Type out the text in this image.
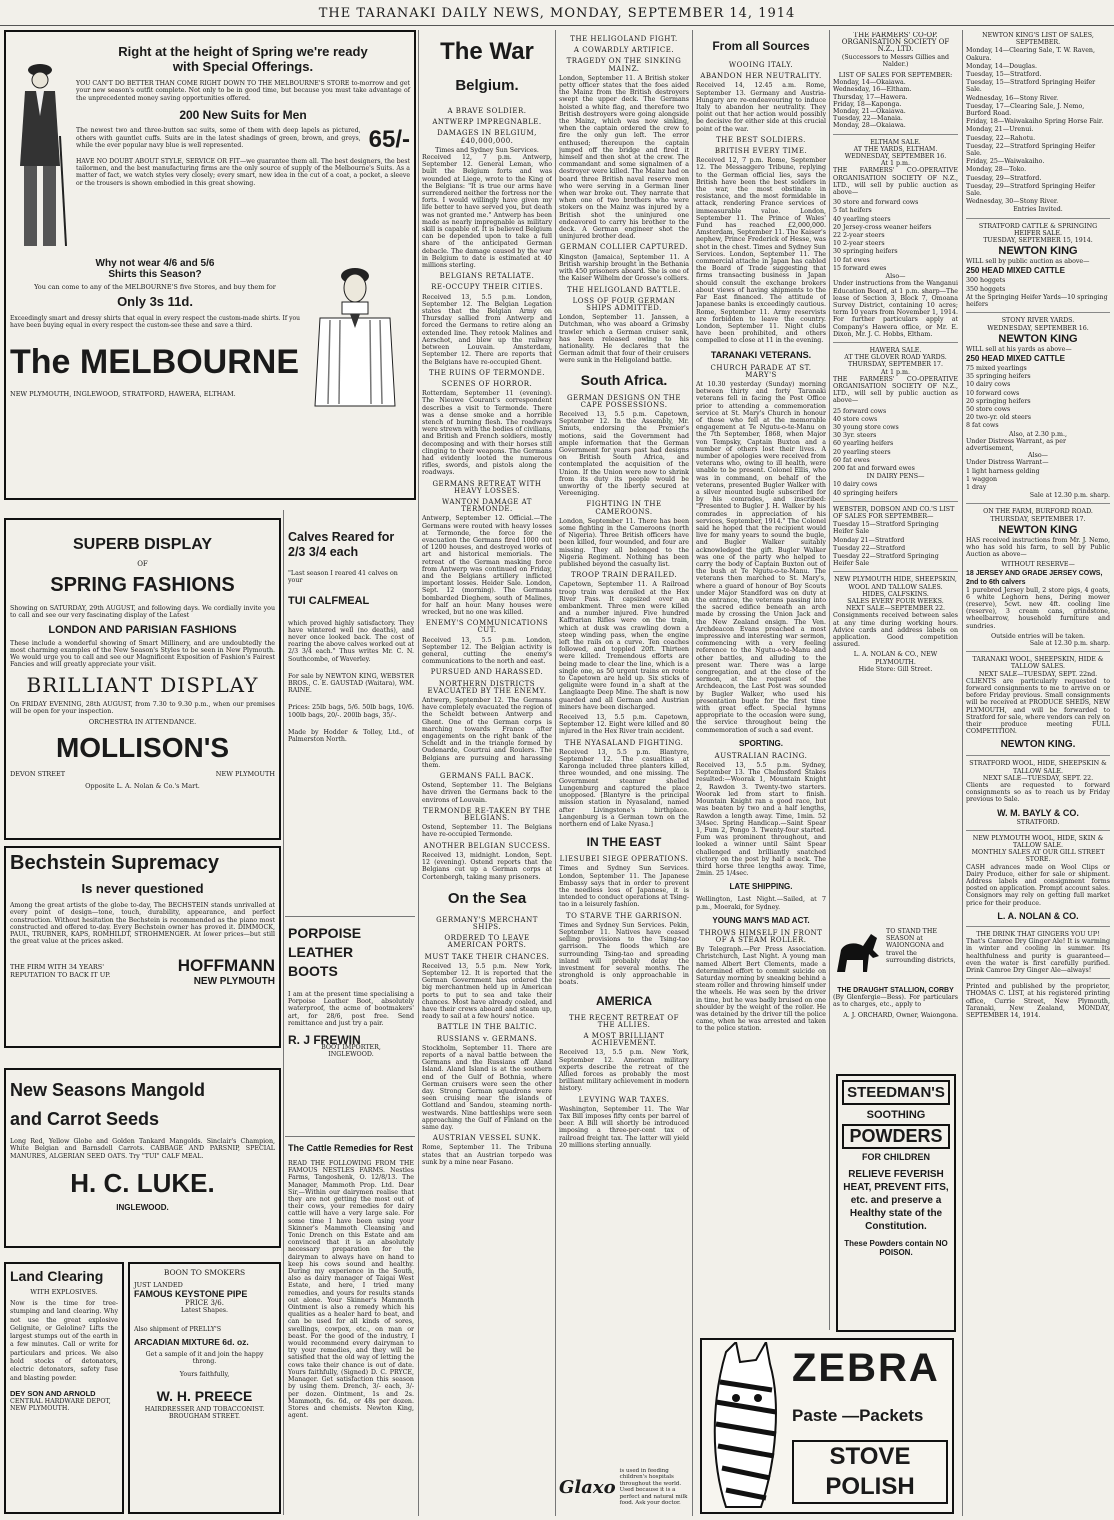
THE TARANAKI DAILY NEWS, MONDAY, SEPTEMBER 14, 1914
Right at the height of Spring we're ready
with Special Offerings.
YOU CAN'T DO BETTER THAN COME RIGHT DOWN TO THE MELBOURNE'S STORE to-morrow and get your new season's outfit complete. Not only to be in good time, but because you must take advantage of the unprecedented money saving opportunities offered.
200 New Suits for Men
The newest two and three-button sac suits, some of them with deep lapels as pictured, others with gauntlet cuffs. Suits are in the latest shadings of green, brown, and greys, while the ever popular navy blue is well represented.	65/-
HAVE NO DOUBT ABOUT STYLE, SERVICE OR FIT—we guarantee them all. The best designers, the best tailormen, and the best manufacturing firms are the only source of supply of the Melbourne's Suits. As a matter of fact, we watch styles very closely; every smart, new idea in the cut of a coat, a pocket, a sleeve or the trousers is shown embodied in this great showing.
Why not wear 4/6 and 5/6
Shirts this Season?
You can come to any of the MELBOURNE'S five Stores, and buy them for
Only 3s 11d.
Exceedingly smart and dressy shirts that equal in every respect the custom-made shirts. If you have been buying equal in every respect the custom-see these and save a third.
The MELBOURNE
NEW PLYMOUTH, INGLEWOOD, STRATFORD, HAWERA, ELTHAM.
SUPERB DISPLAY
OF
SPRING FASHIONS
Showing on SATURDAY, 29th AUGUST, and following days. We cordially invite you to call and see our very fascinating display of the Latest
LONDON AND PARISIAN FASHIONS
These include a wonderful showing of Smart Millinery, and are undoubtedly the most charming examples of the New Season's Styles to be seen in New Plymouth. We would urge you to call and see our Magnificent Exposition of Fashion's Fairest Fancies and will greatly appreciate your visit.
BRILLIANT DISPLAY
On FRIDAY EVENING, 28th AUGUST, from 7.30 to 9.30 p.m., when our premises will be open for your inspection.
ORCHESTRA IN ATTENDANCE.
MOLLISON'S
DEVON STREET	NEW PLYMOUTH
Opposite L. A. Nolan & Co.'s Mart.
Bechstein Supremacy
Is never questioned
Among the great artists of the globe to-day, The BECHSTEIN stands unrivalled at every point of design—tone, touch, durability, appearance, and perfect construction. Without hesitation the Bechstein is recommended as the piano most constructed and offered to-day. Every Bechstein owner has proved it. DIMMOCK, PAUL, TRUBNER, KAPS, ROMHILDT, STROHMENGER. At lower prices—but still the great value at the prices asked.
THE FIRM WITH 34 YEARS' REPUTATION TO BACK IT UP.
HOFFMANN
NEW PLYMOUTH
New Seasons Mangold
and Carrot Seeds
Long Red, Yellow Globe and Golden Tankard Mangolds. Sinclair's Champion, White Belgian and Barnsdell Carrots. CABBAGE AND PARSNIP, SPECIAL MANURES, ALGERIAN SEED OATS. Try "TUI" CALF MEAL.
H. C. LUKE.
INGLEWOOD.
Land Clearing
WITH EXPLOSIVES.
Now is the time for tree-stumping and land clearing. Why not use the great explosive Gelignite, or Geloline? Lifts the largest stumps out of the earth in a few minutes. Call or write for particulars and prices. We also hold stocks of detonators, electric detonators, safety fuse and blasting powder.
DEY SON AND ARNOLD
CENTRAL HARDWARE DEPOT, NEW PLYMOUTH.
BOON TO SMOKERS
JUST LANDED
FAMOUS KEYSTONE PIPE
PRICE 3/6.
Latest Shapes.
Also shipment of PRELLY'S
ARCADIAN MIXTURE 6d. oz.
Get a sample of it and join the happy throng.
Yours faithfully,
W. H. PREECE
HAIRDRESSER AND TOBACCONIST.
BROUGHAM STREET.
Calves Reared for 2/3 3/4 each
"Last season I reared 41 calves on your
TUI CALFMEAL
which proved highly satisfactory. They have wintered well (no deaths), and never once looked back. The cost of rearing the above calves worked out at 2/3 3/4 each." Thus writes Mr. C. N. Southcombe, of Waverley.
For sale by NEWTON KING, WEBSTER BROS., C. E. GAUSTAD (Waitara), WM. RAINE.
Prices: 25lb bags, 5/6. 50lb bags, 10/6. 100lb bags, 20/-. 200lb bags, 35/-.
Made by Hodder & Tolley, Ltd., of Palmerston North.
PORPOISE
LEATHER
BOOTS
I am at the present time specialising a Porpoise Leather Boot, absolutely waterproof, the acme of bootmakers' art, for 28/6, post free. Send remittance and just try a pair.
R. J FREWIN
BOOT IMPORTER,
INGLEWOOD.
The Cattle Remedies for Rest
READ THE FOLLOWING FROM THE FAMOUS NESTLES FARMS. Nestles Farms, Tangoshenk, O. 12/8/13. The Manager, Mammoth Prop. Ltd. Dear Sir,—Within our dairymen realise that they are not getting the most out of their cows, your remedies for dairy cattle will have a very large sale. For some time I have been using your Skinner's Mammoth Cleansing and Tonic Drench on this Estate and am convinced that it is an absolutely necessary preparation for the dairyman to always have on hand to keep his cows sound and healthy. During my experience in the South, also as dairy manager of Taigai West Estate, and here, I tried many remedies, and yours for results stands out alone. Your Skinner's Mammoth Ointment is also a remedy which his qualities as a healer hard to beat, and can be used for all kinds of sores, swellings, cowpox, etc., on man or beast. For the good of the industry, I would recommend every dairyman to try your remedies, and they will be satisfied that the old way of letting the cows take their chance is out of date. Yours faithfully, (Signed) D. C. PRYCE, Manager. Get satisfaction this season by using them. Drench, 3/- each, 3/- per dozen. Ointment, 1s and 2s. Mammoth, 6s. 6d., or 48s per dozen. Stores and chemists. Newton King, agent.
The War
Belgium.
A BRAVE SOLDIER.
ANTWERP IMPREGNABLE.
DAMAGES IN BELGIUM, £40,000,000.
Times and Sydney Sun Services.
Received 12, 7 p.m. Antwerp, September 12. General Leman, who built the Belgium forts and was wounded at Liege, wrote to the King of the Belgians: "It is true our arms have surrendered neither the fortress nor the forts. I would willingly have given my life better to have served you, but death was not granted me." Antwerp has been made as nearly impregnable as military skill is capable of. It is believed Belgium can be depended upon to take a full share of the anticipated German debacle. The damage caused by the war in Belgium to date is estimated at 40 millions sterling.
BELGIANS RETALIATE.
RE-OCCUPY THEIR CITIES.
Received 13, 5.5 p.m. London, September 12. The Belgian Legation states that the Belgian Army on Thursday sallied from Antwerp and forced the Germans to retire along an extended line. They retook Malines and Aerschot, and blew up the railway between Louvain. Amsterdam, September 12. There are reports that the Belgians have re-occupied Ghent.
THE RUINS OF TERMONDE.
SCENES OF HORROR.
Rotterdam, September 11 (evening). The Nieuwe Courant's correspondent describes a visit to Termonde. There was a dense smoke and a horrible stench of burning flesh. The roadways were strewn with the bodies of civilians, and British and French soldiers, mostly decomposing and with their horses still clinging to their weapons. The Germans had evidently looted the numerous rifles, swords, and pistols along the roadways.
GERMANS RETREAT WITH HEAVY LOSSES.
WANTON DAMAGE AT TERMONDE.
Antwerp, September 12. Official.—The Germans were routed with heavy losses at Termonde, the force for the evacuation the Germans fired 1000 out of 1200 houses, and destroyed works of art and historical memorials. The retreat of the German masking force from Antwerp was continued on Friday, and the Belgians artillery inflicted important losses. Heider Sale. London, Sept. 12 (morning). The Germans bombarded Dieghem, south of Malines, for half an hour. Many houses were wrecked, but no one was killed.
ENEMY'S COMMUNICATIONS CUT.
Received 13, 5.5 p.m. London, September 12. The Belgian activity is general, cutting the enemy's communications to the north and east.
PURSUED AND HARASSED.
NORTHERN DISTRICTS EVACUATED BY THE ENEMY.
Antwerp, September 12. The Germans have completely evacuated the region of the Scheldt between Antwerp and Ghent. One of the German corps is marching towards France after engagements on the right bank of the Scheldt and in the triangle formed by Oudenarde, Courtrai and Roulers. The Belgians are pursuing and harassing them.
GERMANS FALL BACK.
Ostend, September 11. The Belgians have driven the Germans back to the environs of Louvain.
TERMONDE RE-TAKEN BY THE BELGIANS.
Ostend, September 11. The Belgians have re-occupied Termonde.
ANOTHER BELGIAN SUCCESS.
Received 13, midnight. London, Sept. 12 (evening). Ostend reports that the Belgians cut up a German corps at Cortenbergh, taking many prisoners.
On the Sea
GERMANY'S MERCHANT SHIPS.
ORDERED TO LEAVE AMERICAN PORTS.
MUST TAKE THEIR CHANCES.
Received 13, 5.5 p.m. New York, September 12. It is reported that the German Government has ordered the big merchantmen held up in American ports to put to sea and take their chances. Most have already coaled, and have their crews aboard and steam up, ready to sail at a few hours' notice.
BATTLE IN THE BALTIC.
RUSSIANS v. GERMANS.
Stockholm, September 11. There are reports of a naval battle between the Germans and the Russians off Aland Island. Aland Island is at the southern end of the Gulf of Bothnia, where German cruisers were seen the other day. Strong German squadrons were seen cruising near the islands of Gottland and Sandou, steaming north-westwards. Nine battleships were seen approaching the Gulf of Finland on the same day.
AUSTRIAN VESSEL SUNK.
Rome, September 11. The Tribuna states that an Austrian torpedo was sunk by a mine near Fasano.
THE HELIGOLAND FIGHT.
A COWARDLY ARTIFICE.
TRAGEDY ON THE SINKING MAINZ.
London, September 11. A British stoker petty officer states that the foes aided the Mainz from the British destroyers swept the upper deck. The Germans hoisted a white flag, and therefore two British destroyers were going alongside the Mainz, which was now sinking, when the captain ordered the crew to fire the only gun left. The error enthused; thereupon the captain jumped off the bridge and fired it himself and then shot at the crew. The commandant and some signalmen of a destroyer were killed. The Mainz had on board three British naval reserve men who were serving in a German liner when war broke out. They narrate that when one of two brothers who were stokers on the Mainz was injured by a British shot the uninjured one endeavored to carry his brother to the deck. A German engineer shot the uninjured brother dead.
GERMAN COLLIER CAPTURED.
Kingston (Jamaica), September 11. A British warship brought in the Bethania with 450 prisoners aboard. She is one of the Kaiser Wilhelm der Grosse's colliers.
THE HELIGOLAND BATTLE.
LOSS OF FOUR GERMAN SHIPS ADMITTED.
London, September 11. Janssen, a Dutchman, who was aboard a Grimsby trawler which a German cruiser sank, has been released owing to his nationality. He declares that the German admit that four of their cruisers were sunk in the Heligoland battle.
South Africa.
GERMAN DESIGNS ON THE CAPE POSSESSIONS.
Received 13, 5.5 p.m. Capetown, September 12. In the Assembly, Mr. Smuts, endorsing the Premier's motions, said the Government had ample information that the German Government for years past had designs on British South Africa, and contemplated the acquisition of the Union. If the Union were now to shrink from its duty its people would be unworthy of the liberty secured at Vereeniging.
FIGHTING IN THE CAMEROONS.
London, September 11. There has been some fighting in the Cameroons (north of Nigeria). Three British officers have been killed, four wounded, and four are missing. They all belonged to the Nigeria Regiment. Nothing has been published beyond the casualty list.
TROOP TRAIN DERAILED.
Capetown, September 11. A Railroad troop train was derailed at the Hex River Pass. It capsized over an embankment. Three men were killed and a number injured. Five hundred Kaffrarian Rifles were on the train, which at dusk was crawling down a steep winding pass, when the engine left the rails on a curve. Ten coaches followed, and toppled 20ft. Thirteen were killed. Tremendous efforts are being made to clear the line, which is a single one, as 50 urgent trains en route to Capetown are held up. Six sticks of gelignite were found in a shaft at the Langlaagte Deep Mine. The shaft is now guarded and all German and Austrian miners have been discharged.
Received 13, 5.5 p.m. Capetown, September 12. Eight were killed and 80 injured in the Hex River train accident.
THE NYASALAND FIGHTING.
Received 13, 5.5 p.m. Blantyre, September 12. The casualties at Karonga included three planters killed, three wounded, and one missing. The Government steamer shelled Lungenburg and captured the place unopposed. [Blantyre is the principal mission station in Nyasaland, named after Livingstone's birthplace. Langenburg is a German town on the northern end of Lake Nyasa.]
IN THE EAST
LIESUBEI SIEGE OPERATIONS.
Times and Sydney Sun Services. London, September 11. The Japanese Embassy says that in order to prevent the needless loss of Japanese, it is intended to conduct operations at Tsing-tao in a leisurely fashion.
TO STARVE THE GARRISON.
Times and Sydney Sun Services. Pekin, September 11. Natives have ceased selling provisions to the Tsing-tao garrison. The floods which are surrounding Tsing-tao and spreading inland will probably delay the investment for several months. The stronghold is only approachable in boats.
AMERICA
THE RECENT RETREAT OF THE ALLIES.
A MOST BRILLIANT ACHIEVEMENT.
Received 13, 5.5 p.m. New York, September 12. American military experts describe the retreat of the Allied forces as probably the most brilliant military achievement in modern history.
LEVYING WAR TAXES.
Washington, September 11. The War Tax Bill imposes fifty cents per barrel of beer. A Bill will shortly be introduced imposing a three-per-cent tax of railroad freight tax. The latter will yield 20 millions sterling annually.
Glaxo
is used in feeding children's hospitals throughout the world. Used because it is a perfect and natural milk food. Ask your doctor.
From all Sources
WOOING ITALY.
ABANDON HER NEUTRALITY.
Received 14, 12.45 a.m. Rome, September 13. Germany and Austria-Hungary are re-endeavouring to induce Italy to abandon her neutrality. They point out that her action would possibly be decisive for either side at this crucial point of the war.
THE BEST SOLDIERS.
BRITISH EVERY TIME.
Received 12, 7 p.m. Rome, September 12. The Messaggero Tribune, replying to the German official lies, says the British have been the best soldiers in the war, the most obstinate in resistance, and the most formidable in attack, rendering France services of immeasurable value. London, September 11. The Prince of Wales' Fund has reached £2,000,000. Amsterdam, September 11. The Kaiser's nephew, Prince Frederick of Hesse, was shot in the chest. Times and Sydney Sun Services. London, September 11. The commercial attache in Japan has cabled the Board of Trade suggesting that firms transacting business in Japan should consult the exchange brokers about views of having shipments to the Far East financed. The attitude of Japanese banks is exceedingly cautious. Rome, September 11. Army reservists are forbidden to leave the country. London, September 11. Night clubs have been prohibited, and others compelled to close at 11 in the evening.
TARANAKI VETERANS.
CHURCH PARADE AT ST. MARY'S
At 10.30 yesterday (Sunday) morning between thirty and forty Taranaki veterans fell in facing the Post Office prior to attending a commemoration service at St. Mary's Church in honour of those who fell at the memorable engagement at Te Ngutu-o-te-Manu on the 7th September, 1868, when Major von Tempsky, Captain Buxton and a number of others lost their lives. A number of apologies were received from veterans who, owing to ill health, were unable to be present. Colonel Ellis, who was in command, on behalf of the veterans, presented Bugler Walker with a silver mounted bugle subscribed for by his comrades, and inscribed: "Presented to Bugler J. H. Walker by his comrades in appreciation of his services, September, 1914." The Colonel said he hoped that the recipient would live for many years to sound the bugle, and Bugler Walker suitably acknowledged the gift. Bugler Walker was one of the party who helped to carry the body of Captain Buxton out of the bush at Te Ngutu-o-te-Manu. The veterans then marched to St. Mary's, where a guard of honour of Boy Scouts under Major Standford was on duty at the entrance, the veterans passing into the sacred edifice beneath an arch made by crossing the Union Jack and the New Zealand ensign. The Ven. Archdeacon Evans preached a most impressive and interesting war sermon, commencing with a very feeling reference to the Ngutu-o-te-Manu and other battles, and alluding to the present war. There was a large congregation, and at the close of the sermon, at the request of the Archdeacon, the Last Post was sounded by Bugler Walker, who used his presentation bugle for the first time with great effect. Special hymns appropriate to the occasion were sung, the service throughout being the commemoration of such a sad event.
SPORTING.
AUSTRALIAN RACING.
Received 13, 5.5 p.m. Sydney, September 13. The Chelmsford Stakes resulted:—Woorak 1, Mountain Knight 2, Rawdon 3. Twenty-two starters. Woorak led from start to finish. Mountain Knight ran a good race, but was beaten by two and a half lengths, Rawdon a length away. Time, 1min. 52 3/4sec. Spring Handicap.—Saint Spear 1, Fum 2, Pongo 3. Twenty-four started. Fum was prominent throughout, and looked a winner until Saint Spear challenged and brilliantly snatched victory on the post by half a neck. The third horse three lengths away. Time, 2min. 25 1/4sec.
LATE SHIPPING.
Wellington, Last Night.—Sailed, at 7 p.m., Moeraki, for Sydney.
YOUNG MAN'S MAD ACT.
THROWS HIMSELF IN FRONT OF A STEAM ROLLER.
By Telegraph.—Per Press Association. Christchurch, Last Night. A young man named Albert Bert Clements, made a determined effort to commit suicide on Saturday morning by sneaking behind a steam roller and throwing himself under the wheels. He was seen by the driver in time, but he was badly bruised on one shoulder by the weight of the roller. He was detained by the driver till the police came, when he was arrested and taken to the police station.
ZEBRA
Paste —Packets
STOVE POLISH
THE FARMERS' CO-OP. ORGANISATION SOCIETY OF N.Z., LTD.
(Successors to Messrs Gillies and Nalder.)
LIST OF SALES FOR SEPTEMBER:
Monday, 14—Okaiawa.
Wednesday, 16—Eltham.
Thursday, 17—Hawera.
Friday, 18—Kaponga.
Monday, 21—Okaiawa.
Tuesday, 22—Manaia.
Monday, 28—Okaiawa.
ELTHAM SALE.
AT THE YARDS, ELTHAM.
WEDNESDAY, SEPTEMBER 16.
At 1 p.m.
THE FARMERS' CO-OPERATIVE ORGANISATION SOCIETY OF N.Z., LTD., will sell by public auction as above—
30 store and forward cows
5 fat heifers
40 yearling steers
20 Jersey-cross weaner heifers
22 2-year steers
10 2-year steers
30 springing heifers
10 fat ewes
15 forward ewes
Also—
Under instructions from the Wanganui Education Board, at 1 p.m. sharp—The lease of Section 3, Block 7, Omoana Survey District, containing 10 acres; term 10 years from November 1, 1914. For further particulars apply at Company's Hawera office, or Mr. E. Dixon, Mr. J. C. Hobbs, Eltham.
HAWERA SALE.
AT THE GLOVER ROAD YARDS.
THURSDAY, SEPTEMBER 17.
At 1 p.m.
THE FARMERS' CO-OPERATIVE ORGANISATION SOCIETY OF N.Z., LTD., will sell by public auction as above—
25 forward cows
40 store cows
30 young store cows
30 3yr. steers
60 yearling heifers
20 yearling steers
60 fat ewes
200 fat and forward ewes
IN DAIRY PENS—
10 dairy cows
40 springing heifers
WEBSTER, DOBSON AND CO.'S LIST OF SALES FOR SEPTEMBER—
Tuesday 15—Stratford Springing Heifer Sale
Monday 21—Stratford
Tuesday 22—Stratford
Tuesday 22—Stratford Springing Heifer Sale
NEW PLYMOUTH HIDE, SHEEPSKIN, WOOL AND TALLOW SALES.
HIDES, CALFSKINS.
SALES EVERY FOUR WEEKS.
NEXT SALE—SEPTEMBER 22.
Consignments received between sales at any time during working hours. Advice cards and address labels on application. Good competition assured.
L. A. NOLAN & CO., NEW PLYMOUTH.
Hide Store: Gill Street.
TO STAND THE SEASON at WAIONGONA and travel the surrounding districts,
THE DRAUGHT STALLION, CORBY
(By Glenfergie—Bess). For particulars as to charges, etc., apply to
A. J. ORCHARD, Owner, Waiongona.
STEEDMAN'S
SOOTHING
POWDERS
FOR CHILDREN
RELIEVE FEVERISH HEAT, PREVENT FITS, etc. and preserve a Healthy state of the Constitution.
These Powders contain NO POISON.
NEWTON KING'S LIST OF SALES, SEPTEMBER.
Monday, 14—Clearing Sale, T. W. Raven, Oakura.
Monday, 14—Douglas.
Tuesday, 15—Stratford.
Tuesday, 15—Stratford Springing Heifer Sale.
Wednesday, 16—Stony River.
Tuesday, 17—Clearing Sale, J. Nemo, Burford Road.
Friday, 18—Waiwakaiho Spring Horse Fair.
Monday, 21—Urenui.
Tuesday, 22—Rahotu.
Tuesday, 22—Stratford Springing Heifer Sale.
Friday, 25—Waiwakaiho.
Monday, 28—Toko.
Tuesday, 29—Stratford.
Tuesday, 29—Stratford Springing Heifer Sale.
Wednesday, 30—Stony River.
Entries Invited.
STRATFORD CATTLE & SPRINGING HEIFER SALE.
TUESDAY, SEPTEMBER 15, 1914.
NEWTON KING
WILL sell by public auction as above—
250 HEAD MIXED CATTLE
300 hoggets
350 hoggets
At the Springing Heifer Yards—10 springing heifers
STONY RIVER YARDS.
WEDNESDAY, SEPTEMBER 16.
NEWTON KING
WILL sell at his yards as above—
250 HEAD MIXED CATTLE
75 mixed yearlings
35 springing heifers
10 dairy cows
10 forward cows
20 springing heifers
50 store cows
20 two-yr. old steers
8 fat cows
Also, at 2.30 p.m.,
Under Distress Warrant, as per advertisement,
Also—
Under Distress Warrant—
1 light harness gelding
1 waggon
1 dray
Sale at 12.30 p.m. sharp.
ON THE FARM, BURFORD ROAD.
THURSDAY, SEPTEMBER 17.
NEWTON KING
HAS received instructions from Mr. J. Nemo, who has sold his farm, to sell by Public Auction as above—
WITHOUT RESERVE—
18 JERSEY AND GRADE JERSEY COWS, 2nd to 6th calvers
1 purebred Jersey bull, 2 store pigs, 4 goats, 6 white Leghorn hens, Dering mower (reserve), 5cwt. new 4ft. cooling line (reserve), 3 cream cans, grindstone, wheelbarrow, household furniture and sundries.
Outside entries will be taken.
Sale at 12.30 p.m. sharp.
TARANAKI WOOL, SHEEPSKIN, HIDE & TALLOW SALES.
NEXT SALE—TUESDAY, SEPT. 22nd.
CLIENTS are particularly requested to forward consignments to me to arrive on or before Friday previous. Small consignments will be received at PRODUCE SHEDS, NEW PLYMOUTH, and will be forwarded to Stratford for sale, where vendors can rely on their produce meeting FULL COMPETITION.
NEWTON KING.
STRATFORD WOOL, HIDE, SHEEPSKIN & TALLOW SALE.
NEXT SALE—TUESDAY, SEPT. 22.
Clients are requested to forward consignments so as to reach us by Friday previous to Sale.
W. M. BAYLY & CO.
STRATFORD.
NEW PLYMOUTH WOOL, HIDE, SKIN & TALLOW SALE.
MONTHLY SALES AT OUR GILL STREET STORE.
CASH advances made on Wool Clips or Dairy Produce, either for sale or shipment. Address labels and consignment forms posted on application. Prompt account sales. Consignors may rely on getting full market price for their produce.
L. A. NOLAN & CO.
THE DRINK THAT GINGERS YOU UP!
That's Camroe Dry Ginger Ale! It is warming in winter and cooling in summer. Its healthfulness and purity is guaranteed—even the water is first carefully purified. Drink Camroe Dry Ginger Ale—always!
Printed and published by the proprietor, THOMAS C. LIST, at his registered printing office, Currie Street, New Plymouth, Taranaki, New Zealand, MONDAY, SEPTEMBER 14, 1914.
